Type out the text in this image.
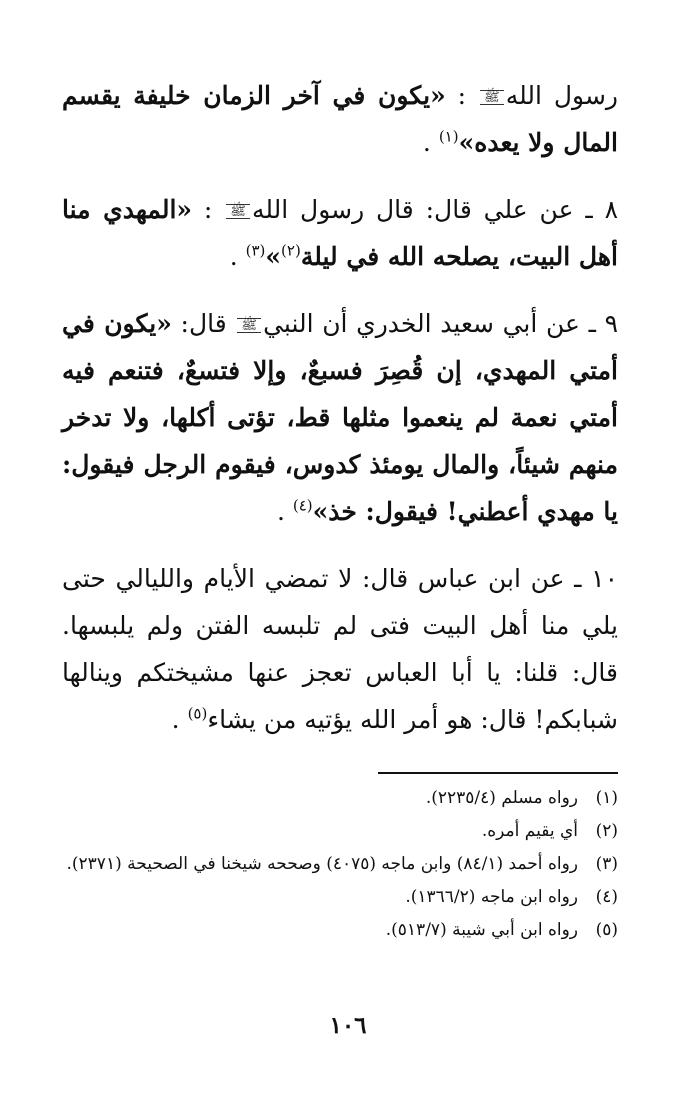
رسول اللهﷺ : «يكون في آخر الزمان خليفة يقسم المال ولا يعده»$^{(١)}$ .

٨ ـ عن علي قال: قال رسول اللهﷺ : «المهدي منا أهل البيت، يصلحه الله في ليلة$^{(٢)}$»$^{(٣)}$ .

٩ ـ عن أبي سعيد الخدري أن النبيﷺ قال: «يكون في أمتي المهدي، إن قُصِرَ فسبعٌ، وإلا فتسعٌ، فتنعم فيه أمتي نعمة لم ينعموا مثلها قط، تؤتى أكلها، ولا تدخر منهم شيئاً، والمال يومئذ كدوس، فيقوم الرجل فيقول: يا مهدي أعطني! فيقول: خذ»$^{(٤)}$ .

١٠ ـ عن ابن عباس قال: لا تمضي الأيام والليالي حتى يلي منا أهل البيت فتى لم تلبسه الفتن ولم يلبسها. قال: قلنا: يا أبا العباس تعجز عنها مشيختكم وينالها شبابكم! قال: هو أمر الله يؤتيه من يشاء$^{(٥)}$ .

(١)
رواه مسلم (٢٢٣٥/٤).
(٢)
أي يقيم أمره.
(٣)
رواه أحمد (٨٤/١) وابن ماجه (٤٠٧٥) وصححه شيخنا في الصحيحة (٢٣٧١).
(٤)
رواه ابن ماجه (١٣٦٦/٢).
(٥)
رواه ابن أبي شيبة (٥١٣/٧).
١٠٦
